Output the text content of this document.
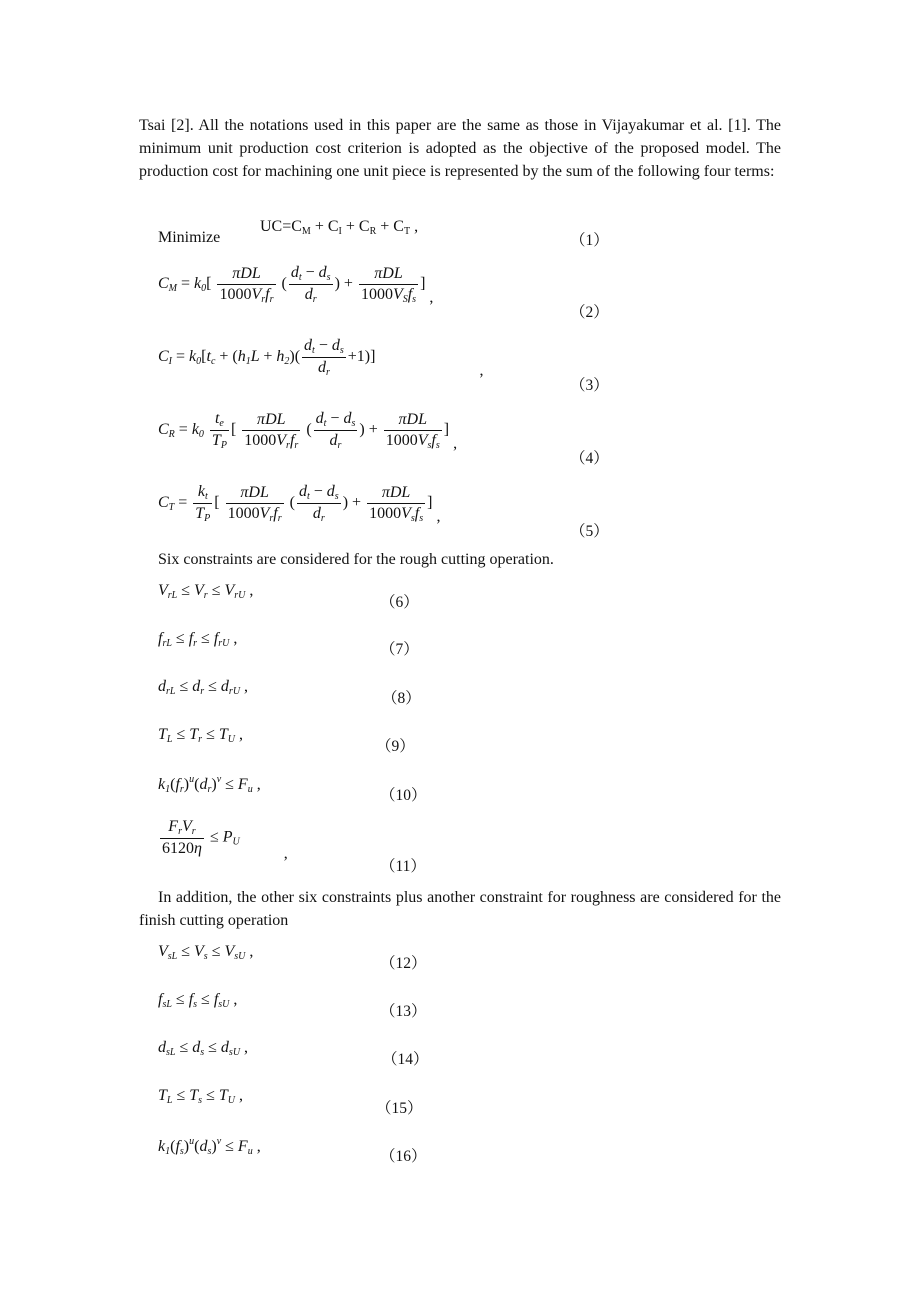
Tsai [2]. All the notations used in this paper are the same as those in Vijayakumar et al. [1]. The minimum unit production cost criterion is adopted as the objective of the proposed model. The production cost for machining one unit piece is represented by the sum of the following four terms:
Minimize
$UC=C_M + C_I + C_R + C_T$ ,
（1）
$C_M = k_0[ \frac{\text{πDL}}{1000V_rf_r}$ ( $\frac{d_t - d_s}{d_r}$ ) + $\frac{\text{πDL}}{1000V_Sf_s}$ ] ,
（2）
$C_I = k_0[t_c + (h_1L + h_2)( \frac{d_t - d_s}{d_r} +1)]$ ,
（3）
$C_R = k_0 \frac{t_e}{T_P}$ [ $\frac{\text{πDL}}{1000V_rf_r}$ ( $\frac{d_t - d_s}{d_r}$ ) + $\frac{\text{πDL}}{1000V_sf_s}$ ] ,
（4）
$C_T = \frac{k_t}{T_P}$ [ $\frac{\text{πDL}}{1000V_rf_r}$ ( $\frac{d_t - d_s}{d_r}$ ) + $\frac{\text{πDL}}{1000V_sf_s}$ ] ,
（5）
Six constraints are considered for the rough cutting operation.
$V_{rL} \le V_r \le V_{rU}$ ,
（6）
$f_{rL} \le f_r \le f_{rU}$ ,
（7）
$d_{rL} \le d_r \le d_{rU}$ ,
（8）
$T_L \le T_r \le T_U$ ,
（9）
$k_1(f_r)^u(d_r)^v \le F_u$ ,
（10）
$\frac{F_rV_r}{6120\eta} \le P_U$ ,
（11）
In addition, the other six constraints plus another constraint for roughness are considered for the finish cutting operation
$V_{sL} \le V_s \le V_{sU}$ ,
（12）
$f_{sL} \le f_s \le f_{sU}$ ,
（13）
$d_{sL} \le d_s \le d_{sU}$ ,
（14）
$T_L \le T_s \le T_U$ ,
（15）
$k_1(f_s)^u(d_s)^v \le F_u$ ,
（16）
